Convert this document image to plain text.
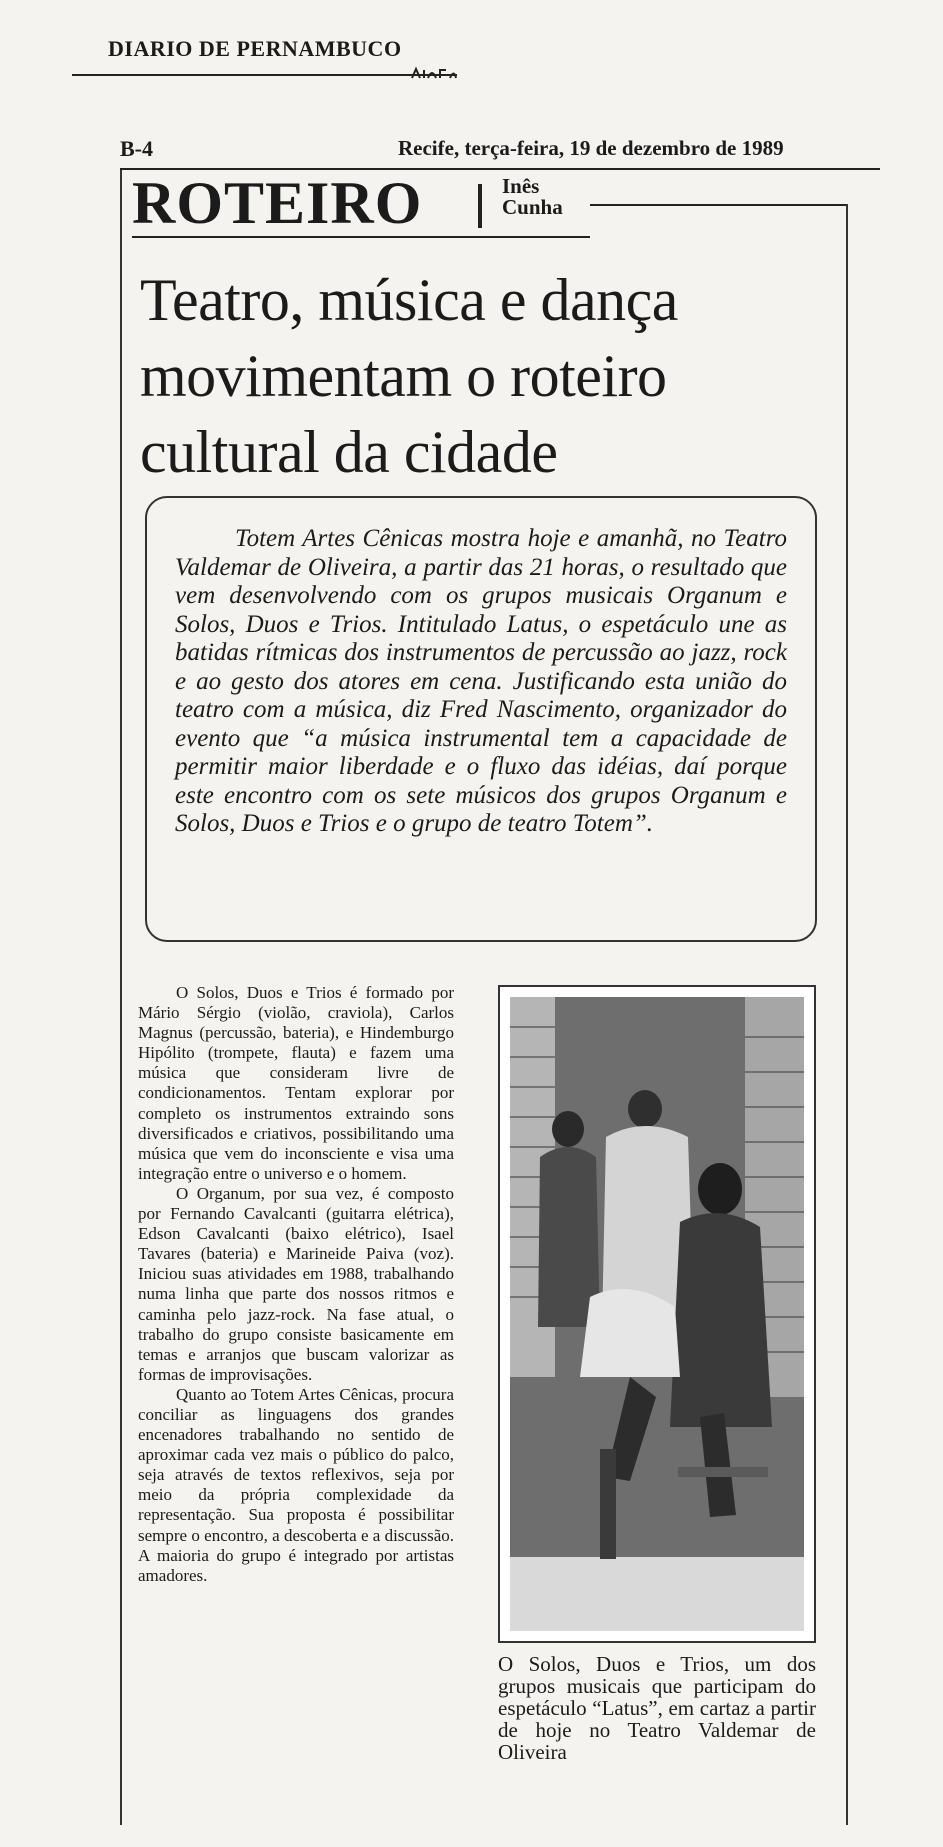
DIARIO DE PERNAMBUCO
B-4	Recife, terça-feira, 19 de dezembro de 1989
ROTEIRO	Inês
Cunha
Teatro, música e dança
movimentam o roteiro
cultural da cidade

Totem Artes Cênicas mostra hoje e amanhã, no Teatro Valdemar de Oliveira, a partir das 21 horas, o resultado que vem desenvolvendo com os grupos musicais Organum e Solos, Duos e Trios. Intitulado Latus, o espetáculo une as batidas rítmicas dos instrumentos de percussão ao jazz, rock e ao gesto dos atores em cena. Justificando esta união do teatro com a música, diz Fred Nascimento, organizador do evento que “a música instrumental tem a capacidade de permitir maior liberdade e o fluxo das idéias, daí porque este encontro com os sete músicos dos grupos Organum e Solos, Duos e Trios e o grupo de teatro Totem”.

O Solos, Duos e Trios é formado por Mário Sérgio (violão, craviola), Carlos Magnus (percussão, bateria), e Hindemburgo Hipólito (trompete, flauta) e fazem uma música que consideram livre de condicionamentos. Tentam explorar por completo os instrumentos extraindo sons diversificados e criativos, possibilitando uma música que vem do inconsciente e visa uma integração entre o universo e o homem.

O Organum, por sua vez, é composto por Fernando Cavalcanti (guitarra elétrica), Edson Cavalcanti (baixo elétrico), Isael Tavares (bateria) e Marineide Paiva (voz). Iniciou suas atividades em 1988, trabalhando numa linha que parte dos nossos ritmos e caminha pelo jazz-rock. Na fase atual, o trabalho do grupo consiste basicamente em temas e arranjos que buscam valorizar as formas de improvisações.

Quanto ao Totem Artes Cênicas, procura conciliar as linguagens dos grandes encenadores trabalhando no sentido de aproximar cada vez mais o público do palco, seja através de textos reflexivos, seja por meio da própria complexidade da representação. Sua proposta é possibilitar sempre o encontro, a descoberta e a discussão. A maioria do grupo é integrado por artistas amadores.

O Solos, Duos e Trios, um dos grupos musicais que participam do espetáculo “Latus”, em cartaz a partir de hoje no Teatro Valdemar de Oliveira
